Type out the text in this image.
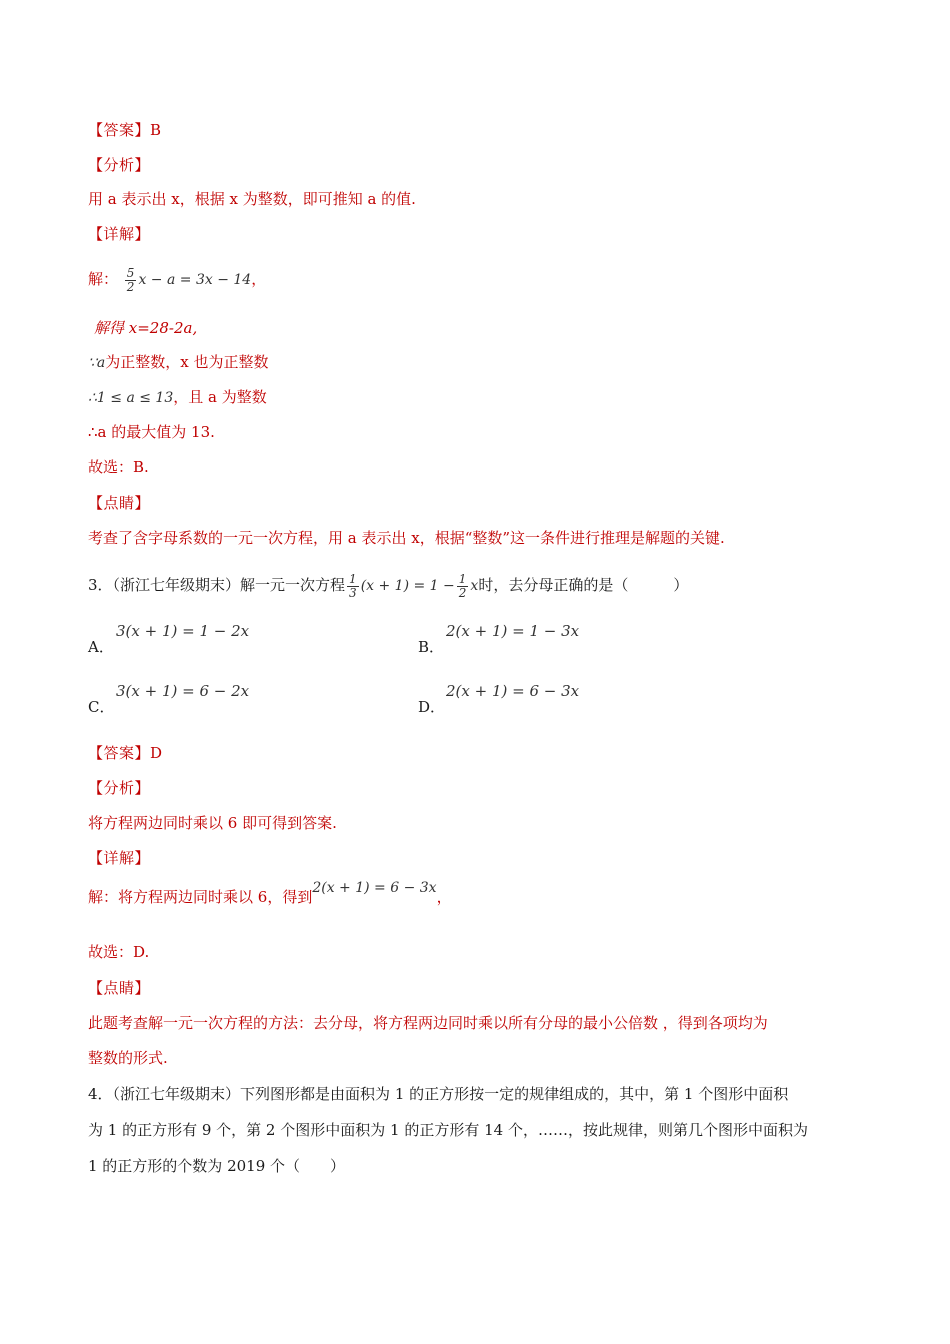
【答案】B
【分析】
用 a 表示出 x，根据 x 为整数，即可推知 a 的值.
【详解】
解： $\frac{5}{2}$ x − a = 3x − 14，
解得 x=28-2a,
∵a为正整数，x 也为正整数
∴1 ≤ a ≤ 13，且 a 为整数
∴a 的最大值为 13.
故选：B.
【点睛】
考查了含字母系数的一元一次方程，用 a 表示出 x，根据“整数”这一条件进行推理是解题的关键.
3．（浙江七年级期末）解一元一次方程 $\frac{1}{3} (x + 1) = 1 - \frac{1}{2}$ x时，去分母正确的是（　　　）
A．
3(x + 1) = 1 − 2x
B．
2(x + 1) = 1 − 3x
C．
3(x + 1) = 6 − 2x
D．
2(x + 1) = 6 − 3x
【答案】D
【分析】
将方程两边同时乘以 6 即可得到答案.
【详解】
解：将方程两边同时乘以 6，得到2(x + 1) = 6 − 3x，
故选：D.
【点睛】
此题考查解一元一次方程的方法：去分母，将方程两边同时乘以所有分母的最小公倍数 ，得到各项均为
整数的形式.
4．（浙江七年级期末）下列图形都是由面积为 1 的正方形按一定的规律组成的，其中，第 1 个图形中面积
为 1 的正方形有 9 个，第 2 个图形中面积为 1 的正方形有 14 个，……，按此规律，则第几个图形中面积为
1 的正方形的个数为 2019 个（　　）
